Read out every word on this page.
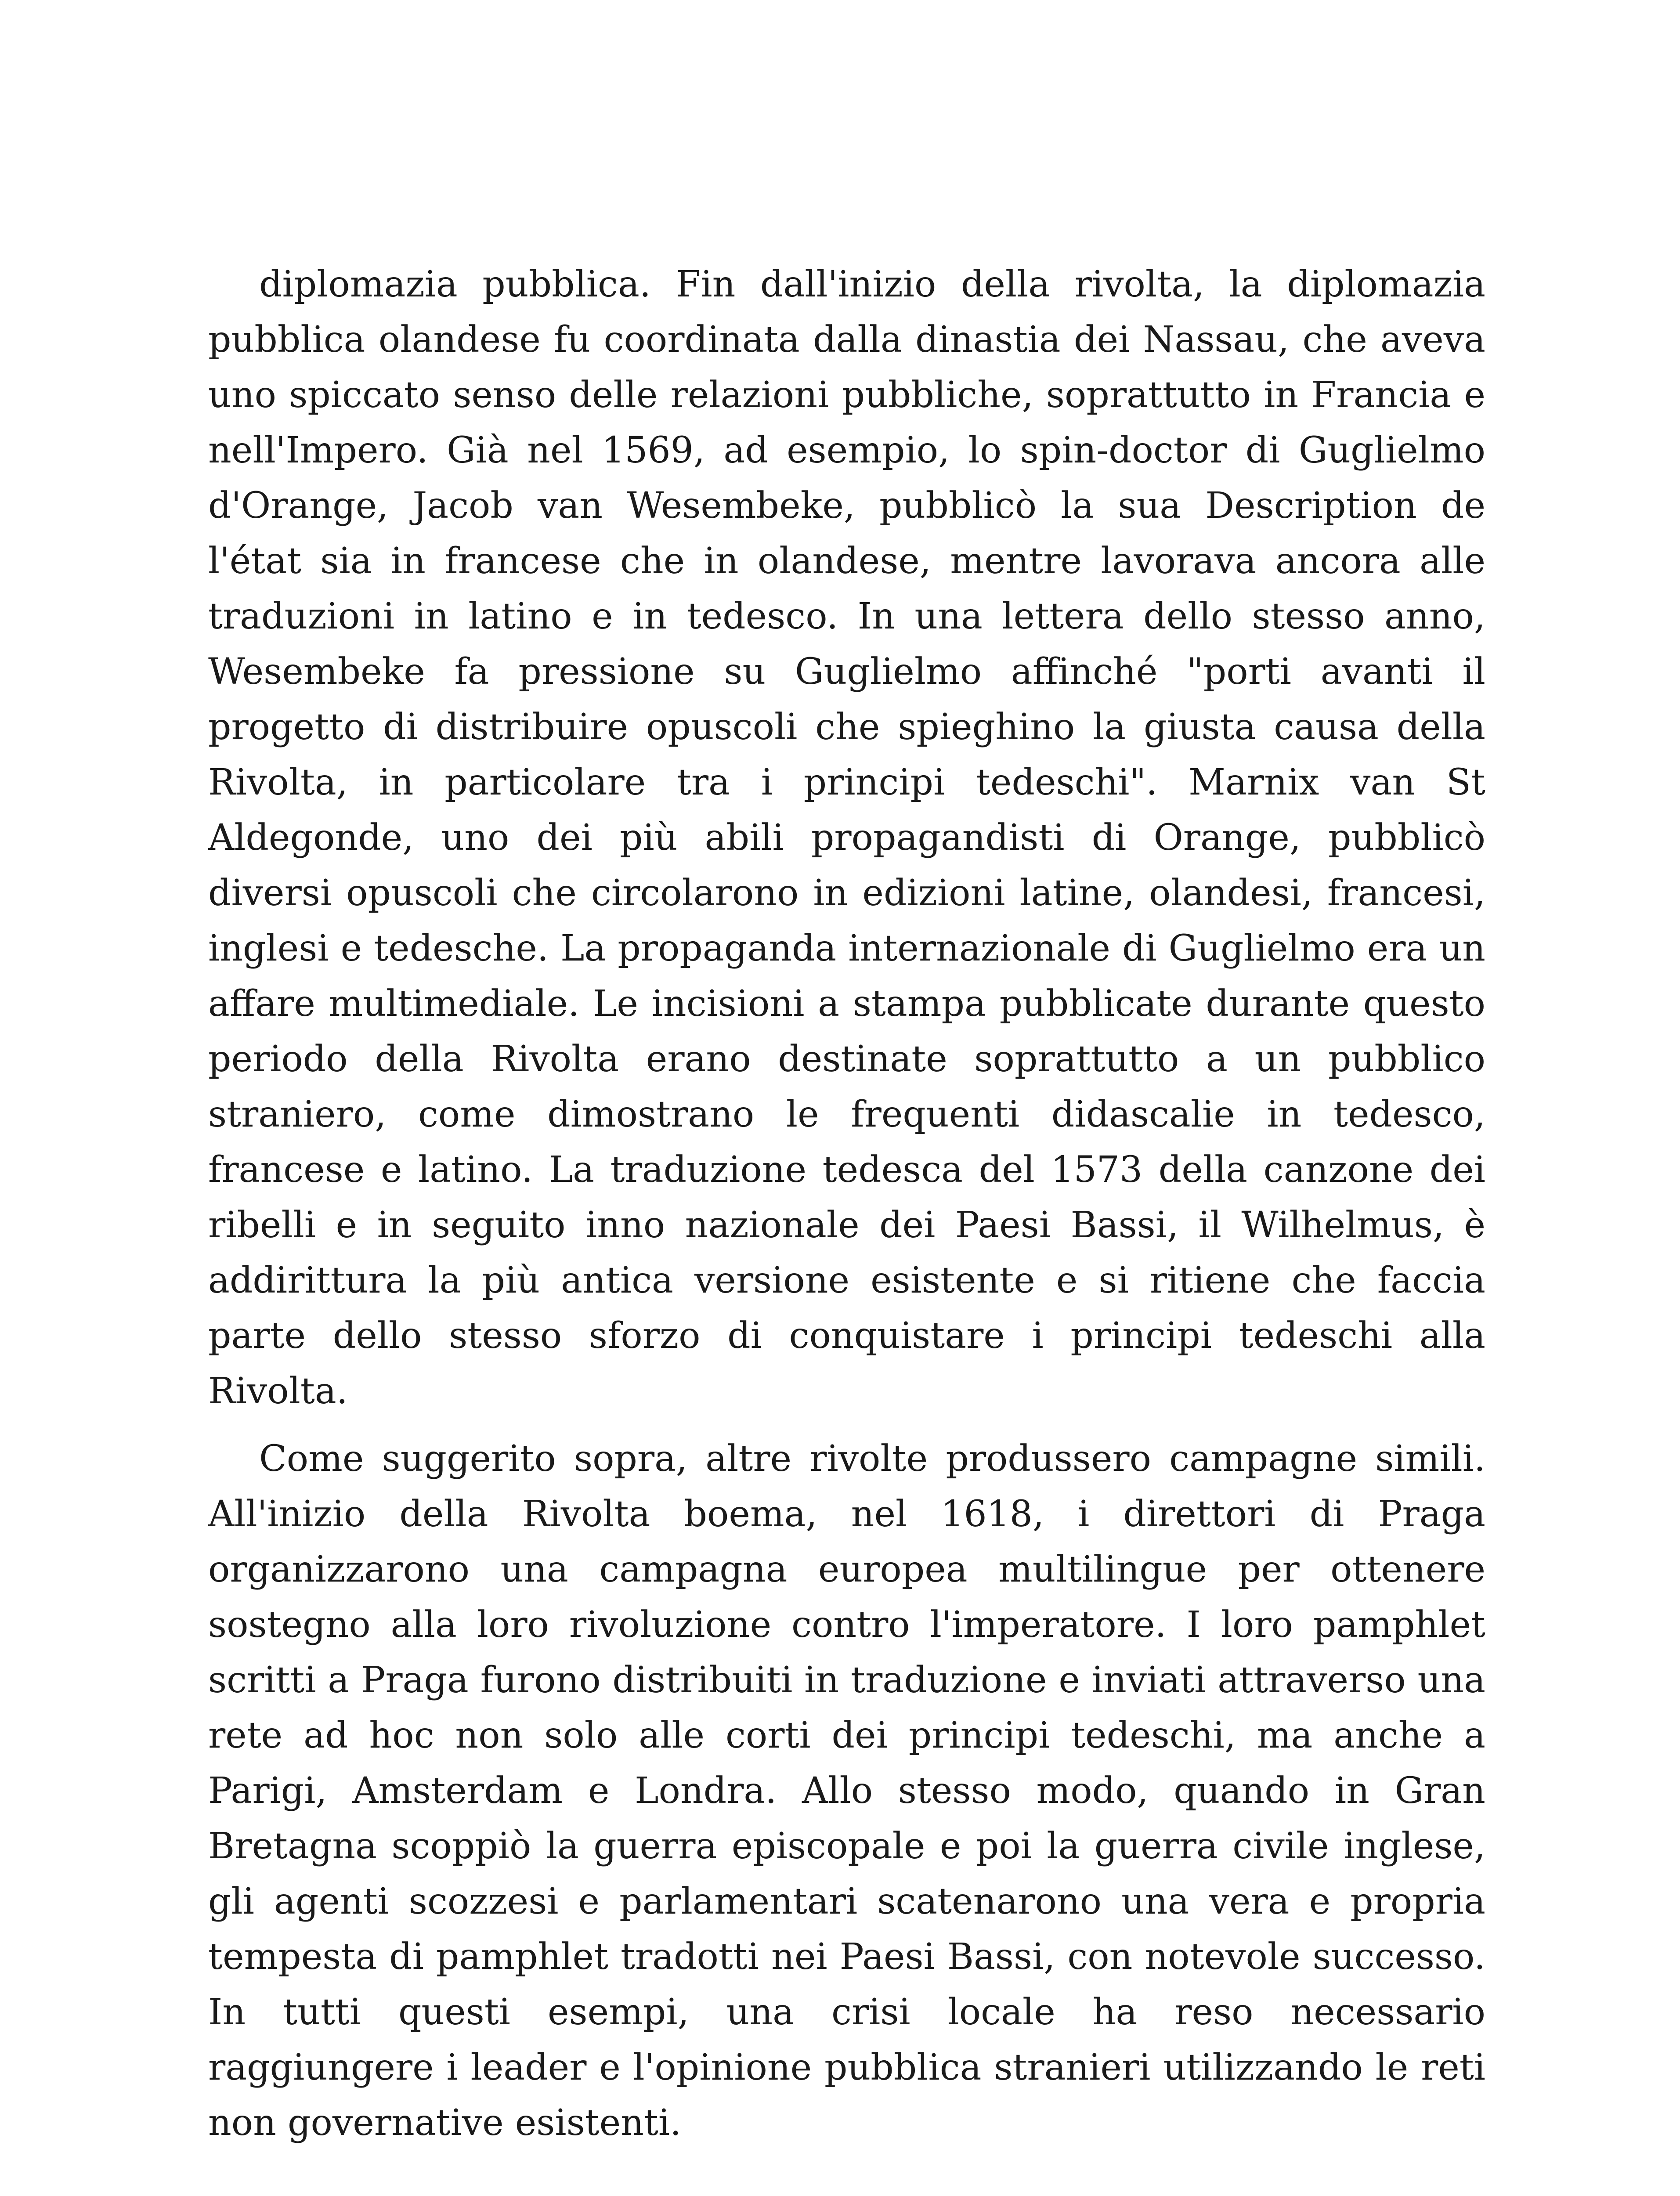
diplomazia pubblica. Fin dall'inizio della rivolta, la diplomazia pubblica olandese fu coordinata dalla dinastia dei Nassau, che aveva uno spiccato senso delle relazioni pubbliche, soprattutto in Francia e nell'Impero. Già nel 1569, ad esempio, lo spin-doctor di Guglielmo d'Orange, Jacob van Wesembeke, pubblicò la sua Description de l'état sia in francese che in olandese, mentre lavorava ancora alle traduzioni in latino e in tedesco. In una lettera dello stesso anno, Wesembeke fa pressione su Guglielmo affinché "porti avanti il progetto di distribuire opuscoli che spieghino la giusta causa della Rivolta, in particolare tra i principi tedeschi". Marnix van St Aldegonde, uno dei più abili propagandisti di Orange, pubblicò diversi opuscoli che circolarono in edizioni latine, olandesi, francesi, inglesi e tedesche. La propaganda internazionale di Guglielmo era un affare multimediale. Le incisioni a stampa pubblicate durante questo periodo della Rivolta erano destinate soprattutto a un pubblico straniero, come dimostrano le frequenti didascalie in tedesco, francese e latino. La traduzione tedesca del 1573 della canzone dei ribelli e in seguito inno nazionale dei Paesi Bassi, il Wilhelmus, è addirittura la più antica versione esistente e si ritiene che faccia parte dello stesso sforzo di conquistare i principi tedeschi alla Rivolta.

Come suggerito sopra, altre rivolte produssero campagne simili. All'inizio della Rivolta boema, nel 1618, i direttori di Praga organizzarono una campagna europea multilingue per ottenere sostegno alla loro rivoluzione contro l'imperatore. I loro pamphlet scritti a Praga furono distribuiti in traduzione e inviati attraverso una rete ad hoc non solo alle corti dei principi tedeschi, ma anche a Parigi, Amsterdam e Londra. Allo stesso modo, quando in Gran Bretagna scoppiò la guerra episcopale e poi la guerra civile inglese, gli agenti scozzesi e parlamentari scatenarono una vera e propria tempesta di pamphlet tradotti nei Paesi Bassi, con notevole successo. In tutti questi esempi, una crisi locale ha reso necessario raggiungere i leader e l'opinione pubblica stranieri utilizzando le reti non governative esistenti.
